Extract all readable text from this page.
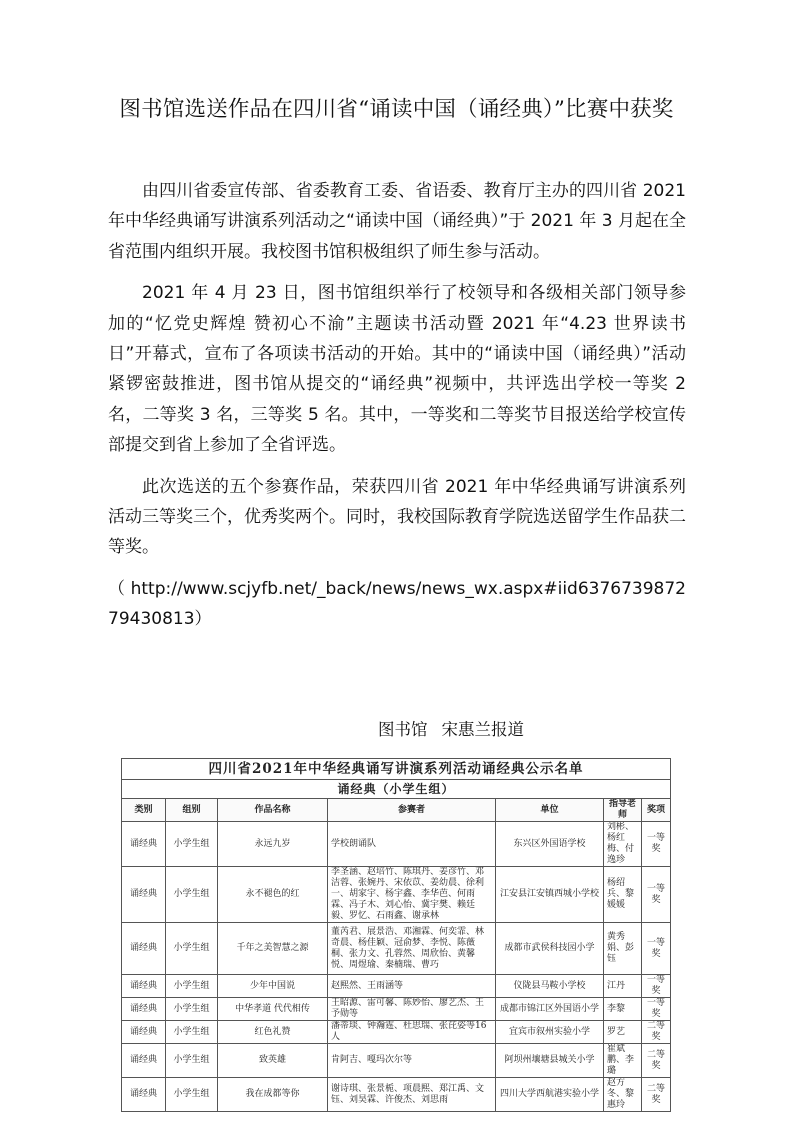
图书馆选送作品在四川省“诵读中国（诵经典）”比赛中获奖

由四川省委宣传部、省委教育工委、省语委、教育厅主办的四川省 2021 年中华经典诵写讲演系列活动之“诵读中国（诵经典）”于 2021 年 3 月起在全省范围内组织开展。我校图书馆积极组织了师生参与活动。

2021 年 4 月 23 日，图书馆组织举行了校领导和各级相关部门领导参加的“忆党史辉煌 赞初心不渝”主题读书活动暨 2021 年“4.23 世界读书日”开幕式，宣布了各项读书活动的开始。其中的“诵读中国（诵经典）”活动紧锣密鼓推进，图书馆从提交的“诵经典”视频中，共评选出学校一等奖 2 名，二等奖 3 名，三等奖 5 名。其中，一等奖和二等奖节目报送给学校宣传部提交到省上参加了全省评选。

此次选送的五个参赛作品，荣获四川省 2021 年中华经典诵写讲演系列活动三等奖三个，优秀奖两个。同时，我校国际教育学院选送留学生作品获二等奖。

（ http://www.scjyfb.net/_back/news/news_wx.aspx#iid637673987279430813）

图书馆 宋惠兰报道
四川省2021年中华经典诵写讲演系列活动诵经典公示名单						
诵经典（小学生组）						
类别	组别	作品名称	参赛者	单位	指导老师	奖项
诵经典	小学生组	永远九岁	学校朗诵队	东兴区外国语学校	刘彬、杨红梅、付逸珍	一等奖
诵经典	小学生组	永不褪色的红	李圣涵、赵培竹、陈琪丹、姜彦竹、邓洁蓉、张婉丹、宋依苡、姜幼晨、徐利一、胡家宇、杨宇鑫、李华芭、何雨霖、冯子木、刘心怡、冀宇樊、赖廷毅、罗忆、石雨鑫、谢承林	江安县江安镇西城小学校	杨绍兵、黎媛媛	一等奖
诵经典	小学生组	千年之美智慧之源	董芮君、展景浩、邓湘霖、何奕霏、林奇晨、杨佳颖、冠俞梦、李悦、陈薇桐、张力文、孔蓉然、周欣怡、黄馨悦、周煜瑜、秦楠瑞、曹巧	成都市武侯科技园小学	黄秀娟、彭钰	一等奖
诵经典	小学生组	少年中国说	赵熙然、王雨涵等	仪陇县马鞍小学校	江丹	一等奖
诵经典	小学生组	中华孝道 代代相传	王昭源、雷可馨、陈妙怡、廖艺杰、王予勋等	成都市锦江区外国语小学	李黎	一等奖
诵经典	小学生组	红色礼赞	潘蒂琰、钟瀚霆、杜思瑞、张芘姿等16人	宜宾市叙州实验小学	罗艺	二等奖
诵经典	小学生组	致英雄	肯阿吉、嘎玛次尔等	阿坝州壤塘县城关小学	崔斌鹏、李璐	二等奖
诵经典	小学生组	我在成都等你	谢诗琪、张景栀、项晨熙、郑江禹、文钰、刘昊霖、许俊杰、刘思雨	四川大学西航港实验小学	赵方冬、黎惠玲	二等奖
